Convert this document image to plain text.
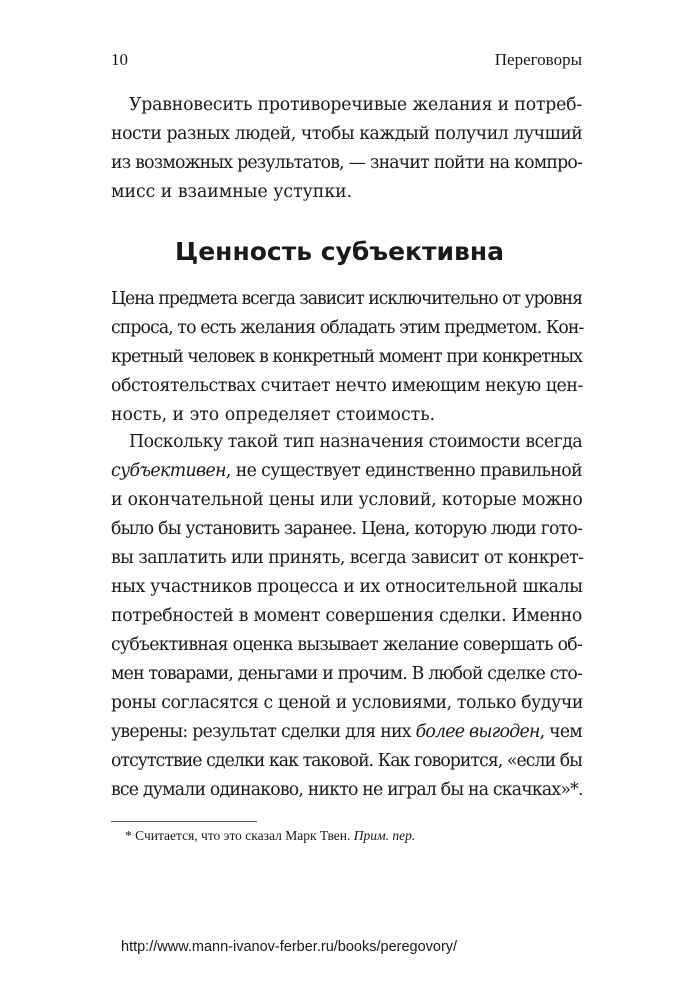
10	Переговоры
Уравновесить противоречивые желания и потреб-
ности разных людей, чтобы каждый получил лучший
из возможных результатов, — значит пойти на компро-
мисс и взаимные уступки.
Ценность субъективна
Цена предмета всегда зависит исключительно от уровня
спроса, то есть желания обладать этим предметом. Кон-
кретный человек в конкретный момент при конкретных
обстоятельствах считает нечто имеющим некую цен-
ность, и это определяет стоимость.
Поскольку такой тип назначения стоимости всегда
субъективен, не существует единственно правильной
и окончательной цены или условий, которые можно
было бы установить заранее. Цена, которую люди гото-
вы заплатить или принять, всегда зависит от конкрет-
ных участников процесса и их относительной шкалы
потребностей в момент совершения сделки. Именно
субъективная оценка вызывает желание совершать об-
мен товарами, деньгами и прочим. В любой сделке сто-
роны согласятся с ценой и условиями, только будучи
уверены: результат сделки для них более выгоден, чем
отсутствие сделки как таковой. Как говорится, «если бы
все думали одинаково, никто не играл бы на скачках»*.
* Считается, что это сказал Марк Твен. Прим. пер.
http://www.mann-ivanov-ferber.ru/books/peregovory/
